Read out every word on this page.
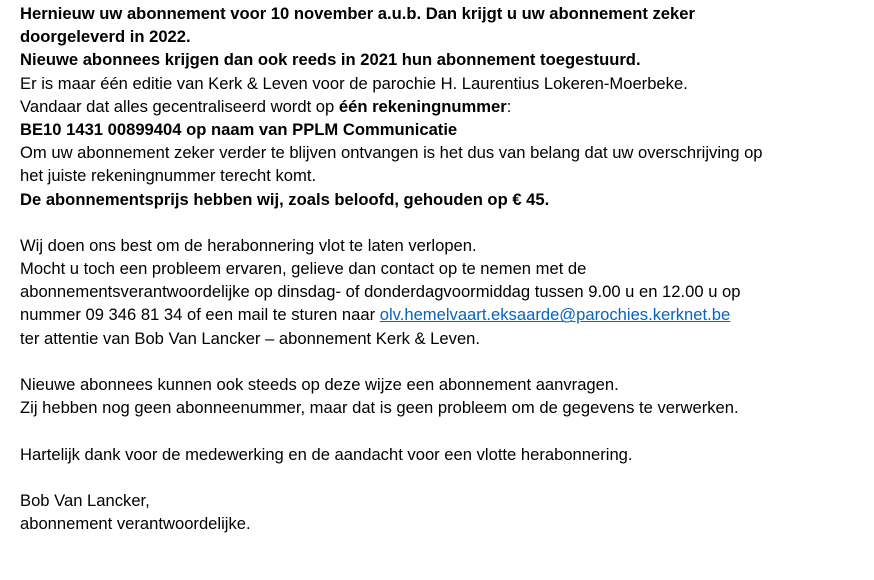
Hernieuw uw abonnement voor 10 november a.u.b. Dan krijgt u uw abonnement zeker
doorgeleverd in 2022.
Nieuwe abonnees krijgen dan ook reeds in 2021 hun abonnement toegestuurd.
Er is maar één editie van Kerk & Leven voor de parochie H. Laurentius Lokeren-Moerbeke.
Vandaar dat alles gecentraliseerd wordt op één rekeningnummer:
BE10 1431 00899404 op naam van PPLM Communicatie
Om uw abonnement zeker verder te blijven ontvangen is het dus van belang dat uw overschrijving op
het juiste rekeningnummer terecht komt.
De abonnementsprijs hebben wij, zoals beloofd, gehouden op € 45.
Wij doen ons best om de herabonnering vlot te laten verlopen.
Mocht u toch een probleem ervaren, gelieve dan contact op te nemen met de
abonnementsverantwoordelijke op dinsdag- of donderdagvoormiddag tussen 9.00 u en 12.00 u op
nummer 09 346 81 34 of een mail te sturen naar olv.hemelvaart.eksaarde@parochies.kerknet.be
ter attentie van Bob Van Lancker – abonnement Kerk & Leven.
Nieuwe abonnees kunnen ook steeds op deze wijze een abonnement aanvragen.
Zij hebben nog geen abonneenummer, maar dat is geen probleem om de gegevens te verwerken.
Hartelijk dank voor de medewerking en de aandacht voor een vlotte herabonnering.
Bob Van Lancker,
abonnement verantwoordelijke.
